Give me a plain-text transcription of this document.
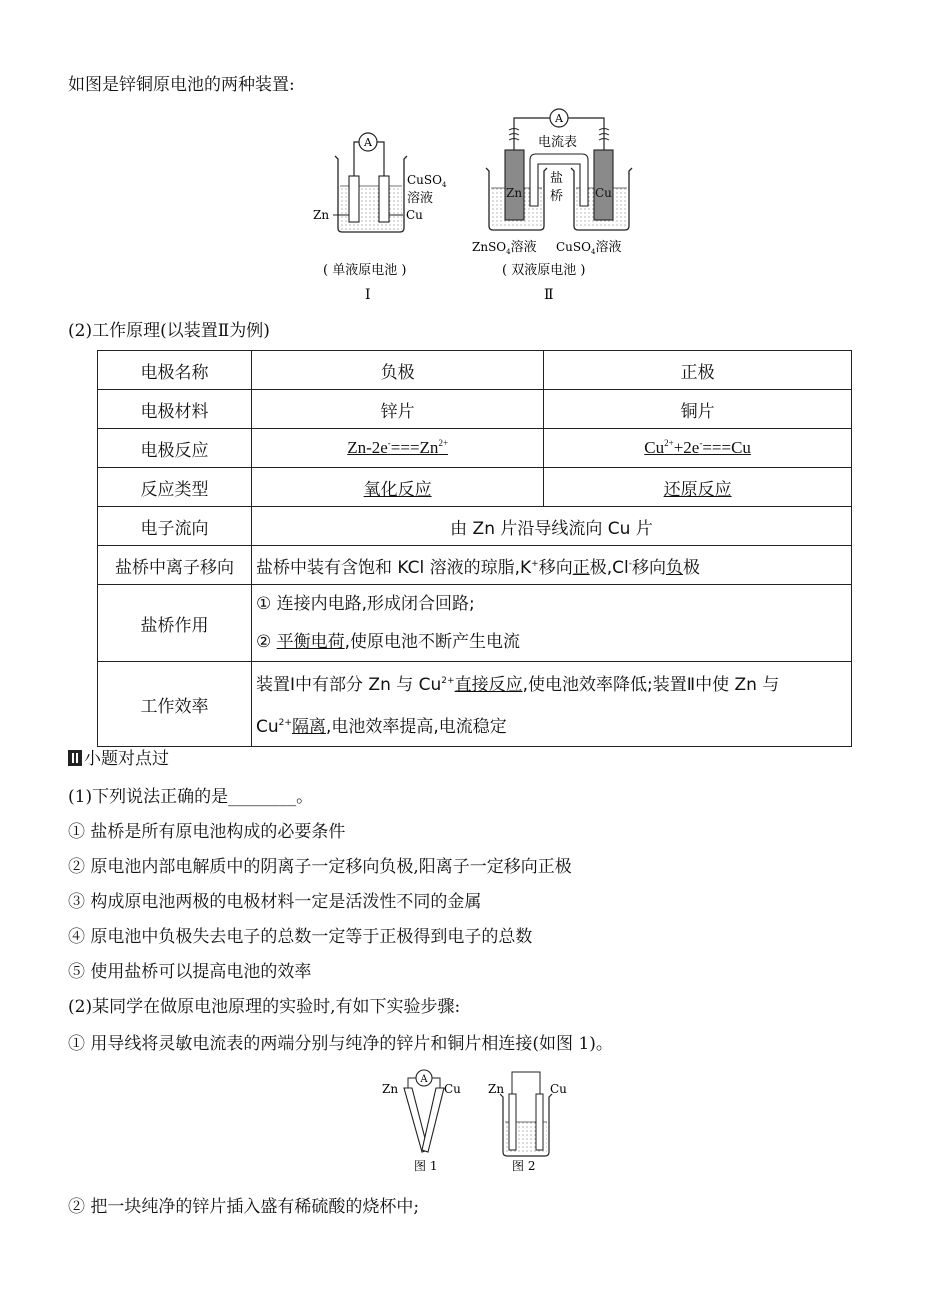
如图是锌铜原电池的两种装置:
A
Zn	Cu
CuSO$_4$
溶液
( 单液原电池 )
Ⅰ
A
电流表
盐
桥
Zn	Cu
ZnSO$_4$溶液 CuSO$_4$溶液
( 双液原电池 )
Ⅱ
(2)工作原理(以装置Ⅱ为例)
电极名称	负极	正极
电极材料	锌片	铜片
电极反应	$Zn-2e^-===Zn^{2+}$	$Cu^{2+}+2e^-===Cu$
反应类型	氧化反应	还原反应
电子流向	由 Zn 片沿导线流向 Cu 片	
盐桥中离子移向	盐桥中装有含饱和 KCl 溶液的琼脂,K+移向正极,Cl-移向负极	
盐桥作用	① 连接内电路,形成闭合回路;
② 平衡电荷,使原电池不断产生电流	

工作效率	装置Ⅰ中有部分 Zn 与 $Cu^{2+}$直接反应,使电池效率降低;装置Ⅱ中使 Zn 与
$Cu^{2+}$隔离,电池效率提高,电流稳定	
小题对点过
(1)下列说法正确的是________。
① 盐桥是所有原电池构成的必要条件
② 原电池内部电解质中的阴离子一定移向负极,阳离子一定移向正极
③ 构成原电池两极的电极材料一定是活泼性不同的金属
④ 原电池中负极失去电子的总数一定等于正极得到电子的总数
⑤ 使用盐桥可以提高电池的效率
(2)某同学在做原电池原理的实验时,有如下实验步骤:
① 用导线将灵敏电流表的两端分别与纯净的锌片和铜片相连接(如图 1)。
Zn	Cu
A
图 1
Zn	Cu
图 2
② 把一块纯净的锌片插入盛有稀硫酸的烧杯中;
